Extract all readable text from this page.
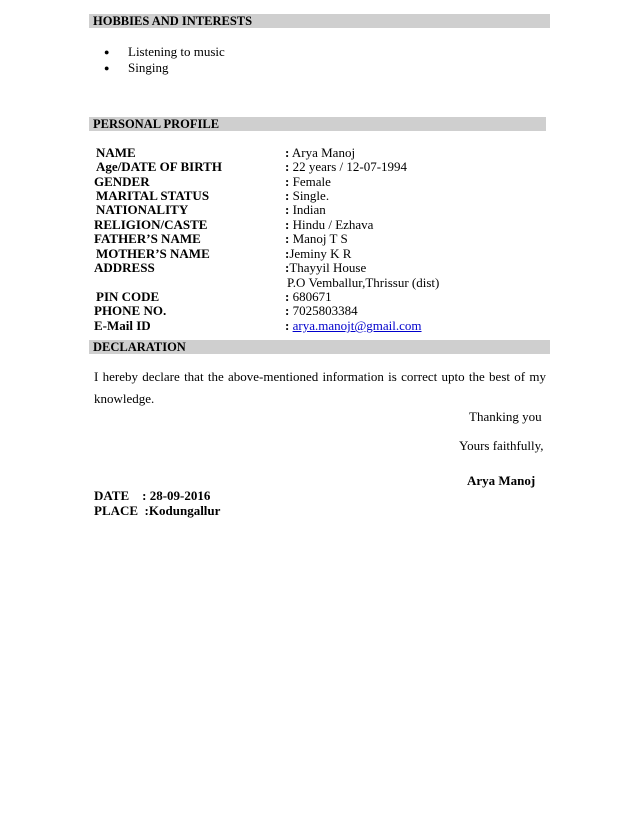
HOBBIES AND INTERESTS
● Listening to music
● Singing
PERSONAL PROFILE
NAME	: Arya Manoj
Age/DATE OF BIRTH	: 22 years / 12-07-1994
GENDER	: Female
MARITAL STATUS	: Single.
NATIONALITY	: Indian
RELIGION/CASTE	: Hindu / Ezhava
FATHER’S NAME	: Manoj T S
MOTHER’S NAME	:Jeminy K R
ADDRESS	:Thayyil House
P.O Vemballur,Thrissur (dist)
PIN CODE	: 680671
PHONE NO.	: 7025803384
E-Mail ID	: arya.manojt@gmail.com
DECLARATION
I hereby declare that the above-mentioned information is correct upto the best of my knowledge.
Thanking you
Yours faithfully,
Arya Manoj
DATE    : 28-09-2016
PLACE  :Kodungallur
